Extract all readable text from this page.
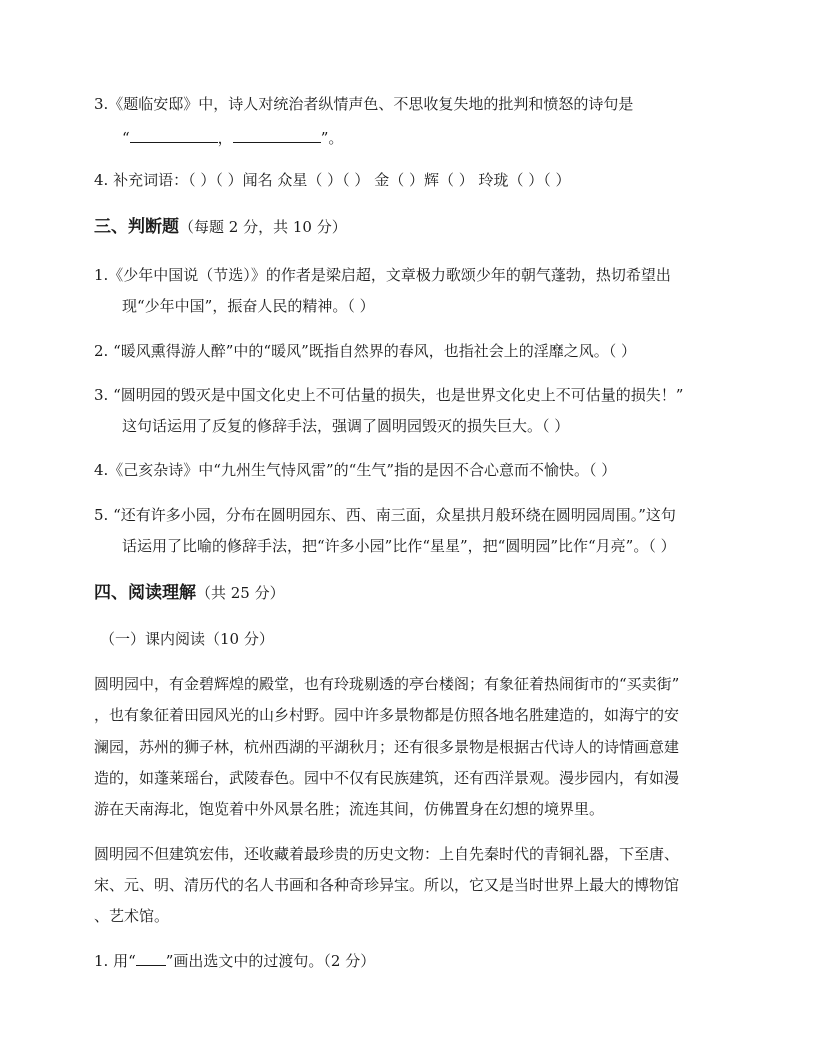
3.《题临安邸》中，诗人对统治者纵情声色、不思收复失地的批判和愤怒的诗句是
“	，	”。
4. 补充词语：（ ）（ ）闻名 众星（ ）（ ） 金（ ）辉（ ） 玲珑（ ）（ ）
三、判断题（每题 2 分，共 10 分）
1.《少年中国说（节选）》的作者是梁启超，文章极力歌颂少年的朝气蓬勃，热切希望出
现“少年中国”，振奋人民的精神。（ ）
2. “暖风熏得游人醉”中的“暖风”既指自然界的春风，也指社会上的淫靡之风。（ ）
3. “圆明园的毁灭是中国文化史上不可估量的损失，也是世界文化史上不可估量的损失！”
这句话运用了反复的修辞手法，强调了圆明园毁灭的损失巨大。（ ）
4.《己亥杂诗》中“九州生气恃风雷”的“生气”指的是因不合心意而不愉快。（ ）
5. “还有许多小园，分布在圆明园东、西、南三面，众星拱月般环绕在圆明园周围。”这句
话运用了比喻的修辞手法，把“许多小园”比作“星星”，把“圆明园”比作“月亮”。（ ）
四、阅读理解（共 25 分）
（一）课内阅读（10 分）
圆明园中，有金碧辉煌的殿堂，也有玲珑剔透的亭台楼阁；有象征着热闹街市的“买卖街”
，也有象征着田园风光的山乡村野。园中许多景物都是仿照各地名胜建造的，如海宁的安
澜园，苏州的狮子林，杭州西湖的平湖秋月；还有很多景物是根据古代诗人的诗情画意建
造的，如蓬莱瑶台，武陵春色。园中不仅有民族建筑，还有西洋景观。漫步园内，有如漫
游在天南海北，饱览着中外风景名胜；流连其间，仿佛置身在幻想的境界里。
圆明园不但建筑宏伟，还收藏着最珍贵的历史文物：上自先秦时代的青铜礼器，下至唐、
宋、元、明、清历代的名人书画和各种奇珍异宝。所以，它又是当时世界上最大的博物馆
、艺术馆。
1. 用“ ”画出选文中的过渡句。（2 分）
